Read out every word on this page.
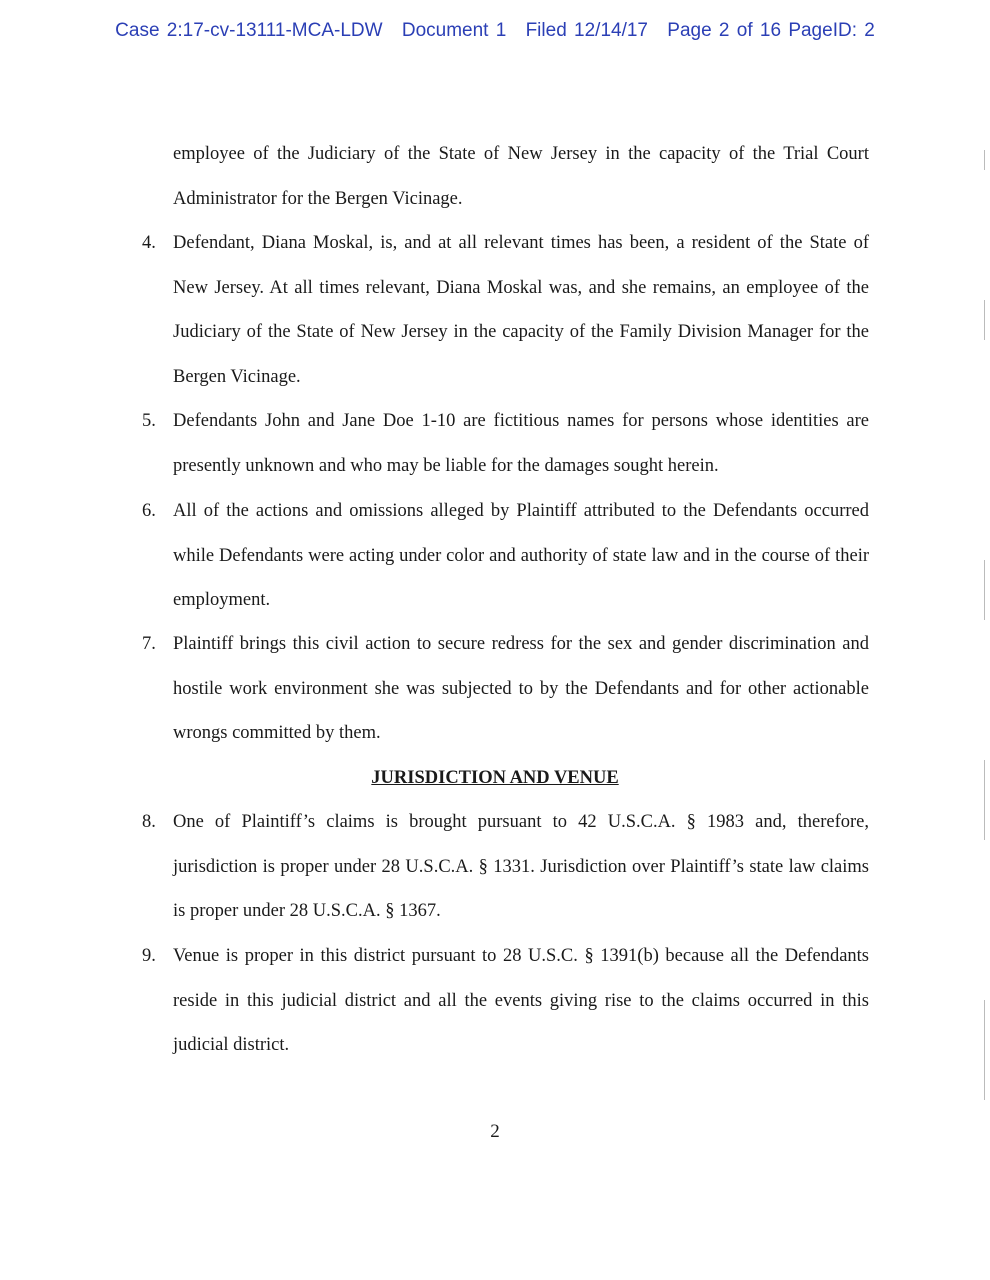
Case 2:17-cv-13111-MCA-LDW Document 1 Filed 12/14/17 Page 2 of 16 PageID: 2
employee of the Judiciary of the State of New Jersey in the capacity of the Trial Court Administrator for the Bergen Vicinage.
4. Defendant, Diana Moskal, is, and at all relevant times has been, a resident of the State of New Jersey. At all times relevant, Diana Moskal was, and she remains, an employee of the Judiciary of the State of New Jersey in the capacity of the Family Division Manager for the Bergen Vicinage.
5. Defendants John and Jane Doe 1-10 are fictitious names for persons whose identities are presently unknown and who may be liable for the damages sought herein.
6. All of the actions and omissions alleged by Plaintiff attributed to the Defendants occurred while Defendants were acting under color and authority of state law and in the course of their employment.
7. Plaintiff brings this civil action to secure redress for the sex and gender discrimination and hostile work environment she was subjected to by the Defendants and for other actionable wrongs committed by them.
JURISDICTION AND VENUE
8. One of Plaintiff’s claims is brought pursuant to 42 U.S.C.A. § 1983 and, therefore, jurisdiction is proper under 28 U.S.C.A. § 1331. Jurisdiction over Plaintiff’s state law claims is proper under 28 U.S.C.A. § 1367.
9. Venue is proper in this district pursuant to 28 U.S.C. § 1391(b) because all the Defendants reside in this judicial district and all the events giving rise to the claims occurred in this judicial district.
2
